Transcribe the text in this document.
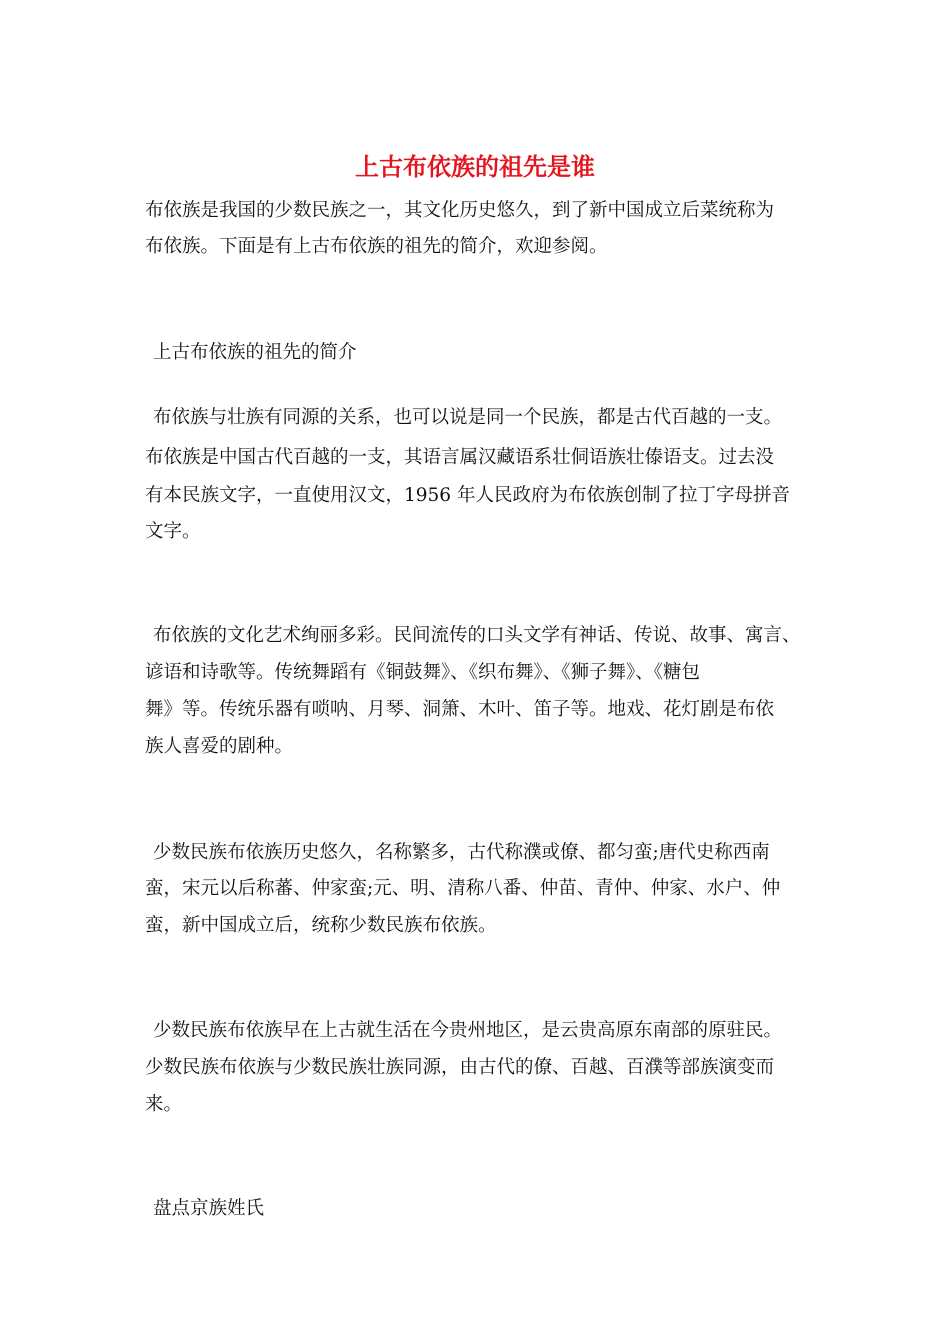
上古布依族的祖先是谁

布依族是我国的少数民族之一，其文化历史悠久，到了新中国成立后菜统称为

布依族。下面是有上古布依族的祖先的简介，欢迎参阅。

上古布依族的祖先的简介

布依族与壮族有同源的关系，也可以说是同一个民族，都是古代百越的一支。

布依族是中国古代百越的一支，其语言属汉藏语系壮侗语族壮傣语支。过去没

有本民族文字，一直使用汉文，1956 年人民政府为布依族创制了拉丁字母拼音

文字。

布依族的文化艺术绚丽多彩。民间流传的口头文学有神话、传说、故事、寓言、

谚语和诗歌等。传统舞蹈有《铜鼓舞》、《织布舞》、《狮子舞》、《糖包

舞》等。传统乐器有唢呐、月琴、洞箫、木叶、笛子等。地戏、花灯剧是布依

族人喜爱的剧种。

少数民族布依族历史悠久，名称繁多，古代称濮或僚、都匀蛮;唐代史称西南

蛮，宋元以后称蕃、仲家蛮;元、明、清称八番、仲苗、青仲、仲家、水户、仲

蛮，新中国成立后，统称少数民族布依族。

少数民族布依族早在上古就生活在今贵州地区，是云贵高原东南部的原驻民。

少数民族布依族与少数民族壮族同源，由古代的僚、百越、百濮等部族演变而

来。

盘点京族姓氏
